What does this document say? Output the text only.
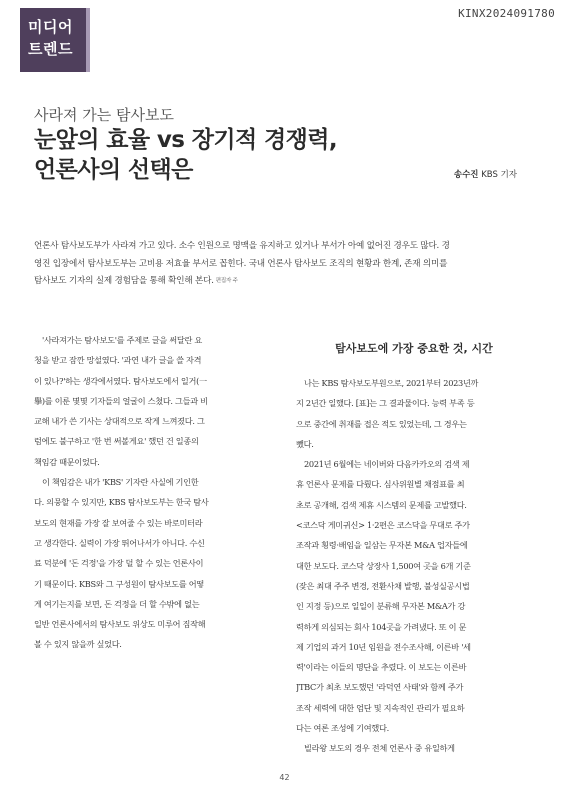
미디어
트렌드
KINX2024091780
사라져 가는 탐사보도
눈앞의 효율 vs 장기적 경쟁력,
언론사의 선택은	송수진 KBS 기자
언론사 탐사보도부가 사라져 가고 있다. 소수 인원으로 명맥을 유지하고 있거나 부서가 아예 없어진 경우도 많다. 경
영진 입장에서 탐사보도부는 고비용 저효율 부서로 꼽힌다. 국내 언론사 탐사보도 조직의 현황과 한계, 존재 의미를
탐사보도 기자의 실제 경험담을 통해 확인해 본다. $^{편집자 주}$
'사라져가는 탐사보도'를 주제로 글을 써달란 요
청을 받고 잠깐 망설였다. '과연 내가 글을 쓸 자격
이 있나?'하는 생각에서였다. 탐사보도에서 일거(一
擧)를 이룬 몇몇 기자들의 얼굴이 스쳤다. 그들과 비
교해 내가 쓴 기사는 상대적으로 작게 느껴졌다. 그
럼에도 불구하고 '한 번 써볼게요' 했던 건 일종의
책임감 때문이었다.
이 책임감은 내가 'KBS' 기자란 사실에 기인한
다. 의뭉할 수 있지만, KBS 탐사보도부는 한국 탐사
보도의 현재를 가장 잘 보여줄 수 있는 바로미터라
고 생각한다. 실력이 가장 뛰어나서가 아니다. 수신
료 덕분에 '돈 걱정'을 가장 덜 할 수 있는 언론사이
기 때문이다. KBS와 그 구성원이 탐사보도를 어떻
게 여기는지를 보면, 돈 걱정을 더 할 수밖에 없는
일반 언론사에서의 탐사보도 위상도 미루어 짐작해
볼 수 있지 않을까 싶었다.
탐사보도에 가장 중요한 것, 시간
나는 KBS 탐사보도부원으로, 2021부터 2023년까
지 2년간 일했다. [표]는 그 결과물이다. 능력 부족 등
으로 중간에 취재를 접은 적도 있었는데, 그 경우는
뺐다.
2021년 6월에는 네이버와 다음카카오의 검색 제
휴 언론사 문제를 다뤘다. 심사위원별 채점표를 최
초로 공개해, 검색 제휴 시스템의 문제를 고발했다.
<코스닥 게미귀신> 1·2편은 코스닥을 무대로 주가
조작과 횡령·배임을 일삼는 무자본 M&A 업자들에
대한 보도다. 코스닥 상장사 1,500여 곳을 6개 기준
(잦은 최대 주주 변경, 전환사채 발행, 불성실공시법
인 지정 등)으로 일일이 분류해 무자본 M&A가 강
력하게 의심되는 회사 104곳을 가려냈다. 또 이 문
제 기업의 과거 10년 임원을 전수조사해, 이른바 '세
력'이라는 이들의 명단을 추렸다. 이 보도는 이른바
JTBC가 최초 보도했던 '라덕연 사태'와 함께 주가
조작 세력에 대한 엄단 및 지속적인 관리가 필요하
다는 여론 조성에 기여했다.
빌라왕 보도의 경우 전체 언론사 중 유일하게
42
